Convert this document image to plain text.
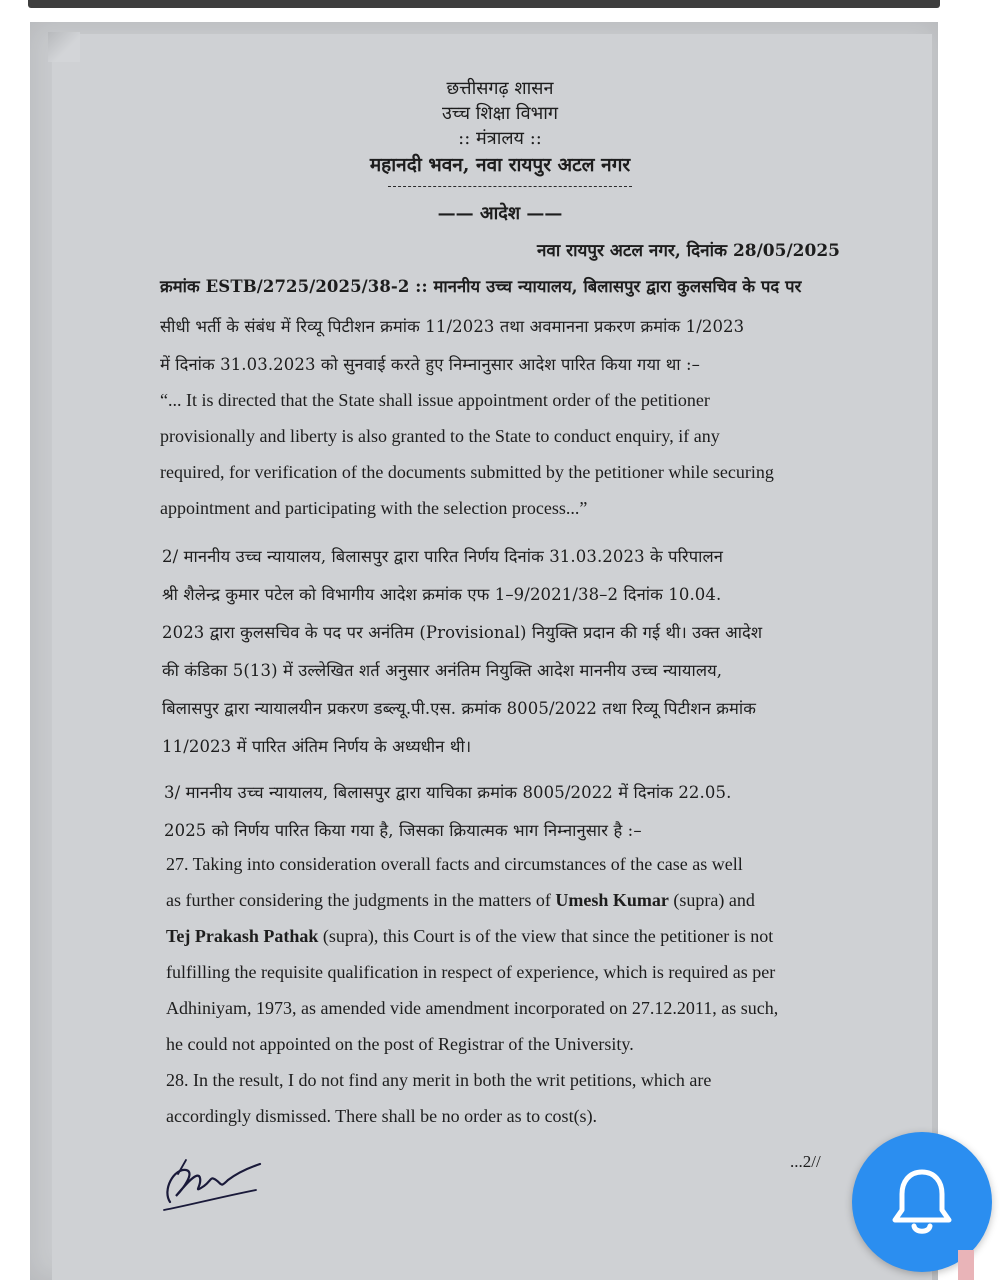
छत्तीसगढ़ शासन
उच्च शिक्षा विभाग
:: मंत्रालय ::
महानदी भवन, नवा रायपुर अटल नगर
—— आदेश ——
नवा रायपुर अटल नगर, दिनांक 28/05/2025
क्रमांक ESTB/2725/2025/38-2 :: माननीय उच्च न्यायालय, बिलासपुर द्वारा कुलसचिव के पद पर
सीधी भर्ती के संबंध में रिव्यू पिटीशन क्रमांक 11/2023 तथा अवमानना प्रकरण क्रमांक 1/2023
में दिनांक 31.03.2023 को सुनवाई करते हुए निम्नानुसार आदेश पारित किया गया था :–
“... It is directed that the State shall issue appointment order of the petitioner
provisionally and liberty is also granted to the State to conduct enquiry, if any
required, for verification of the documents submitted by the petitioner while securing
appointment and participating with the selection process...”
2/ माननीय उच्च न्यायालय, बिलासपुर द्वारा पारित निर्णय दिनांक 31.03.2023 के परिपालन
श्री शैलेन्द्र कुमार पटेल को विभागीय आदेश क्रमांक एफ 1–9/2021/38–2 दिनांक 10.04.
2023 द्वारा कुलसचिव के पद पर अनंतिम (Provisional) नियुक्ति प्रदान की गई थी। उक्त आदेश
की कंडिका 5(13) में उल्लेखित शर्त अनुसार अनंतिम नियुक्ति आदेश माननीय उच्च न्यायालय,
बिलासपुर द्वारा न्यायालयीन प्रकरण डब्ल्यू.पी.एस. क्रमांक 8005/2022 तथा रिव्यू पिटीशन क्रमांक
11/2023 में पारित अंतिम निर्णय के अध्यधीन थी।
3/ माननीय उच्च न्यायालय, बिलासपुर द्वारा याचिका क्रमांक 8005/2022 में दिनांक 22.05.
2025 को निर्णय पारित किया गया है, जिसका क्रियात्मक भाग निम्नानुसार है :–
27. Taking into consideration overall facts and circumstances of the case as well
as further considering the judgments in the matters of Umesh Kumar (supra) and
Tej Prakash Pathak (supra), this Court is of the view that since the petitioner is not
fulfilling the requisite qualification in respect of experience, which is required as per
Adhiniyam, 1973, as amended vide amendment incorporated on 27.12.2011, as such,
he could not appointed on the post of Registrar of the University.
28. In the result, I do not find any merit in both the writ petitions, which are
accordingly dismissed. There shall be no order as to cost(s).
...2//
